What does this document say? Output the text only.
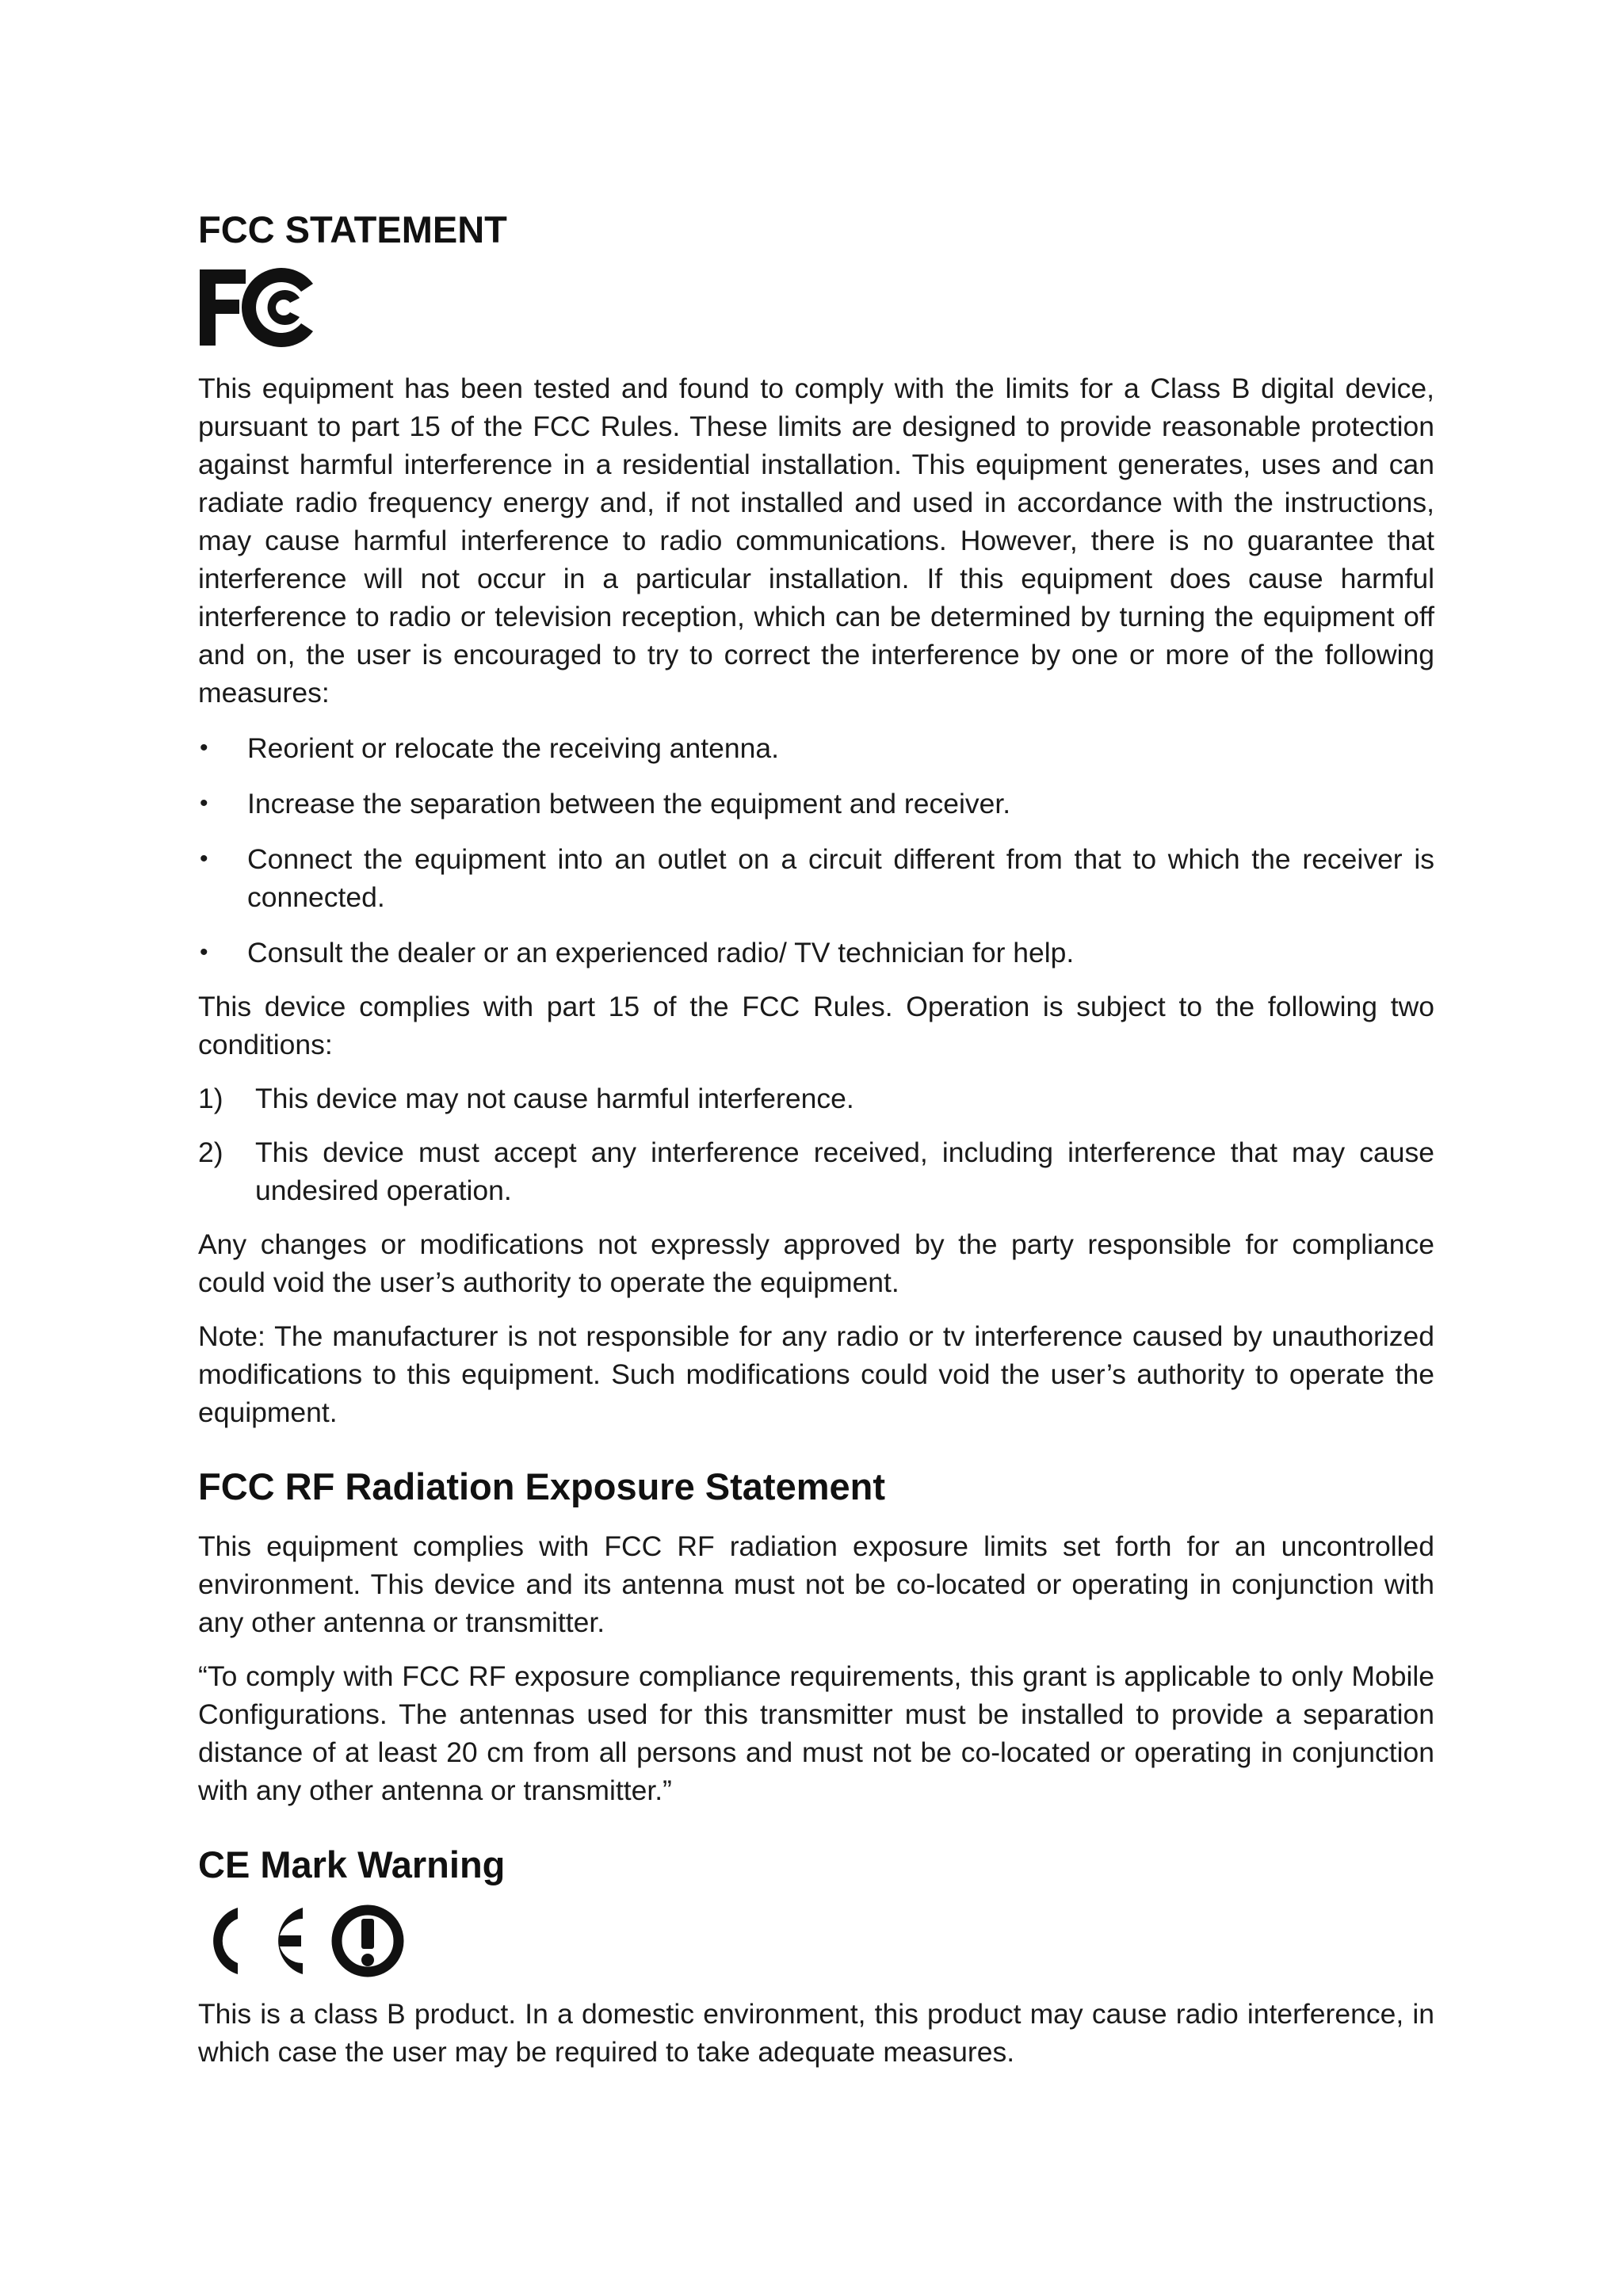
FCC STATEMENT

This equipment has been tested and found to comply with the limits for a Class B digital device, pursuant to part 15 of the FCC Rules. These limits are designed to provide reasonable protection against harmful interference in a residential installation. This equipment generates, uses and can radiate radio frequency energy and, if not installed and used in accordance with the instructions, may cause harmful interference to radio communications. However, there is no guarantee that interference will not occur in a particular installation. If this equipment does cause harmful interference to radio or television reception, which can be determined by turning the equipment off and on, the user is encouraged to try to correct the interference by one or more of the following measures:

• Reorient or relocate the receiving antenna.
• Increase the separation between the equipment and receiver.
• Connect the equipment into an outlet on a circuit different from that to which the receiver is connected.
• Consult the dealer or an experienced radio/ TV technician for help.

This device complies with part 15 of the FCC Rules. Operation is subject to the following two conditions:

1) This device may not cause harmful interference.
2) This device must accept any interference received, including interference that may cause undesired operation.

Any changes or modifications not expressly approved by the party responsible for compliance could void the user’s authority to operate the equipment.

Note: The manufacturer is not responsible for any radio or tv interference caused by unauthorized modifications to this equipment. Such modifications could void the user’s authority to operate the equipment.

FCC RF Radiation Exposure Statement

This equipment complies with FCC RF radiation exposure limits set forth for an uncontrolled environment. This device and its antenna must not be co-located or operating in conjunction with any other antenna or transmitter.

“To comply with FCC RF exposure compliance requirements, this grant is applicable to only Mobile Configurations. The antennas used for this transmitter must be installed to provide a separation distance of at least 20 cm from all persons and must not be co-located or operating in conjunction with any other antenna or transmitter.”

CE Mark Warning

This is a class B product. In a domestic environment, this product may cause radio interference, in which case the user may be required to take adequate measures.
